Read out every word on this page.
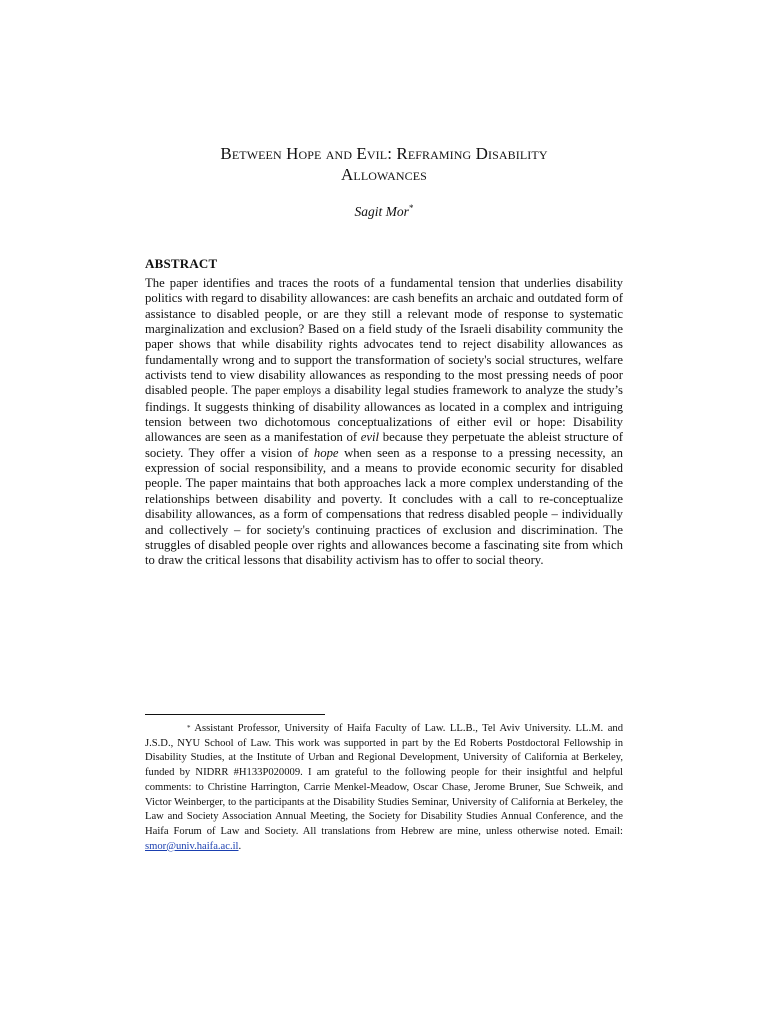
Between Hope and Evil: Reframing Disability
Allowances
Sagit Mor*
ABSTRACT
The paper identifies and traces the roots of a fundamental tension that underlies disability politics with regard to disability allowances: are cash benefits an archaic and outdated form of assistance to disabled people, or are they still a relevant mode of response to systematic marginalization and exclusion? Based on a field study of the Israeli disability community the paper shows that while disability rights advocates tend to reject disability allowances as fundamentally wrong and to support the transformation of society's social structures, welfare activists tend to view disability allowances as responding to the most pressing needs of poor disabled people. The paper employs a disability legal studies framework to analyze the study’s findings. It suggests thinking of disability allowances as located in a complex and intriguing tension between two dichotomous conceptualizations of either evil or hope: Disability allowances are seen as a manifestation of evil because they perpetuate the ableist structure of society. They offer a vision of hope when seen as a response to a pressing necessity, an expression of social responsibility, and a means to provide economic security for disabled people. The paper maintains that both approaches lack a more complex understanding of the relationships between disability and poverty. It concludes with a call to re-conceptualize disability allowances, as a form of compensations that redress disabled people – individually and collectively – for society's continuing practices of exclusion and discrimination. The struggles of disabled people over rights and allowances become a fascinating site from which to draw the critical lessons that disability activism has to offer to social theory.
* Assistant Professor, University of Haifa Faculty of Law. LL.B., Tel Aviv University. LL.M. and J.S.D., NYU School of Law. This work was supported in part by the Ed Roberts Postdoctoral Fellowship in Disability Studies, at the Institute of Urban and Regional Development, University of California at Berkeley, funded by NIDRR #H133P020009. I am grateful to the following people for their insightful and helpful comments: to Christine Harrington, Carrie Menkel-Meadow, Oscar Chase, Jerome Bruner, Sue Schweik, and Victor Weinberger, to the participants at the Disability Studies Seminar, University of California at Berkeley, the Law and Society Association Annual Meeting, the Society for Disability Studies Annual Conference, and the Haifa Forum of Law and Society. All translations from Hebrew are mine, unless otherwise noted. Email: smor@univ.haifa.ac.il.
